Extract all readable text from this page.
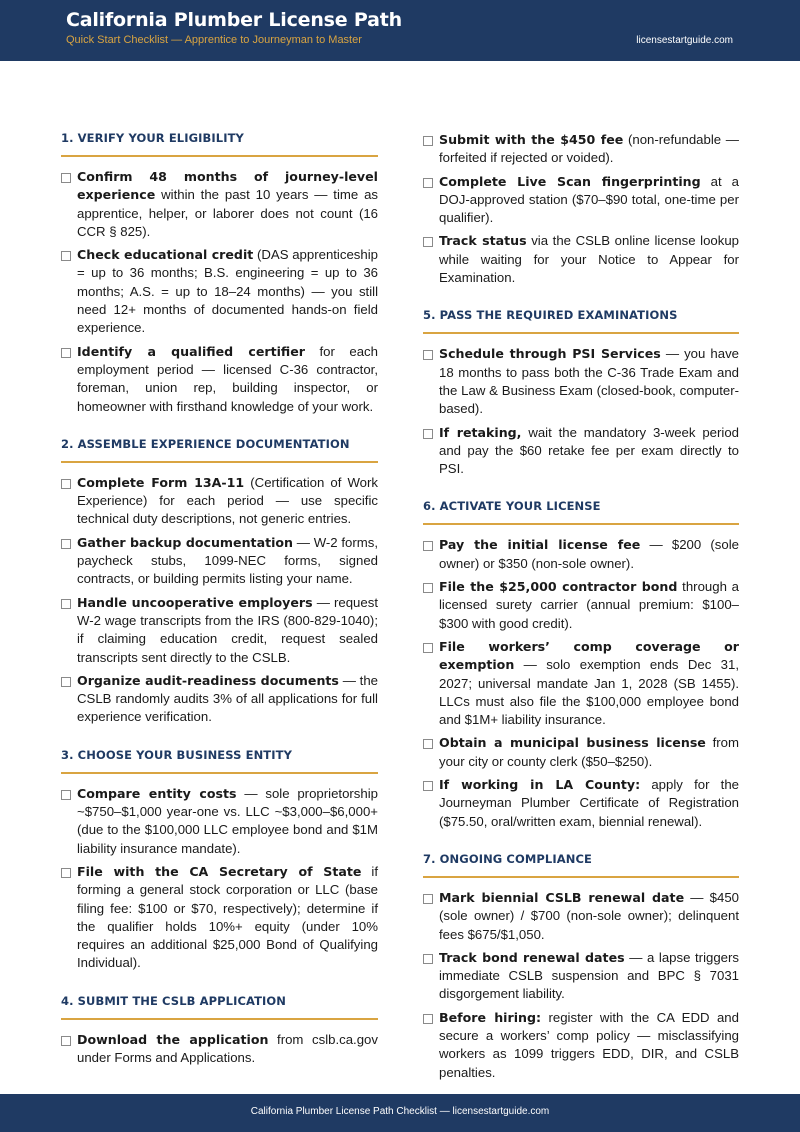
California Plumber License Path
Quick Start Checklist — Apprentice to Journeyman to Master	licensestartguide.com
1. VERIFY YOUR ELIGIBILITY
Confirm 48 months of journey-level experience within the past 10 years — time as apprentice, helper, or laborer does not count (16 CCR § 825).
Check educational credit (DAS apprenticeship = up to 36 months; B.S. engineering = up to 36 months; A.S. = up to 18–24 months) — you still need 12+ months of documented hands-on field experience.
Identify a qualified certifier for each employment period — licensed C-36 contractor, foreman, union rep, building inspector, or homeowner with firsthand knowledge of your work.
2. ASSEMBLE EXPERIENCE DOCUMENTATION
Complete Form 13A-11 (Certification of Work Experience) for each period — use specific technical duty descriptions, not generic entries.
Gather backup documentation — W-2 forms, paycheck stubs, 1099-NEC forms, signed contracts, or building permits listing your name.
Handle uncooperative employers — request W-2 wage transcripts from the IRS (800-829-1040); if claiming education credit, request sealed transcripts sent directly to the CSLB.
Organize audit-readiness documents — the CSLB randomly audits 3% of all applications for full experience verification.
3. CHOOSE YOUR BUSINESS ENTITY
Compare entity costs — sole proprietorship ~$750–$1,000 year-one vs. LLC ~$3,000–$6,000+ (due to the $100,000 LLC employee bond and $1M liability insurance mandate).
File with the CA Secretary of State if forming a general stock corporation or LLC (base filing fee: $100 or $70, respectively); determine if the qualifier holds 10%+ equity (under 10% requires an additional $25,000 Bond of Qualifying Individual).
4. SUBMIT THE CSLB APPLICATION
Download the application from cslb.ca.gov under Forms and Applications.
Submit with the $450 fee (non-refundable — forfeited if rejected or voided).
Complete Live Scan fingerprinting at a DOJ-approved station ($70–$90 total, one-time per qualifier).
Track status via the CSLB online license lookup while waiting for your Notice to Appear for Examination.
5. PASS THE REQUIRED EXAMINATIONS
Schedule through PSI Services — you have 18 months to pass both the C-36 Trade Exam and the Law & Business Exam (closed-book, computer-based).
If retaking, wait the mandatory 3-week period and pay the $60 retake fee per exam directly to PSI.
6. ACTIVATE YOUR LICENSE
Pay the initial license fee — $200 (sole owner) or $350 (non-sole owner).
File the $25,000 contractor bond through a licensed surety carrier (annual premium: $100–$300 with good credit).
File workers’ comp coverage or exemption — solo exemption ends Dec 31, 2027; universal mandate Jan 1, 2028 (SB 1455). LLCs must also file the $100,000 employee bond and $1M+ liability insurance.
Obtain a municipal business license from your city or county clerk ($50–$250).
If working in LA County: apply for the Journeyman Plumber Certificate of Registration ($75.50, oral/written exam, biennial renewal).
7. ONGOING COMPLIANCE
Mark biennial CSLB renewal date — $450 (sole owner) / $700 (non-sole owner); delinquent fees $675/$1,050.
Track bond renewal dates — a lapse triggers immediate CSLB suspension and BPC § 7031 disgorgement liability.
Before hiring: register with the CA EDD and secure a workers’ comp policy — misclassifying workers as 1099 triggers EDD, DIR, and CSLB penalties.
California Plumber License Path Checklist — licensestartguide.com
